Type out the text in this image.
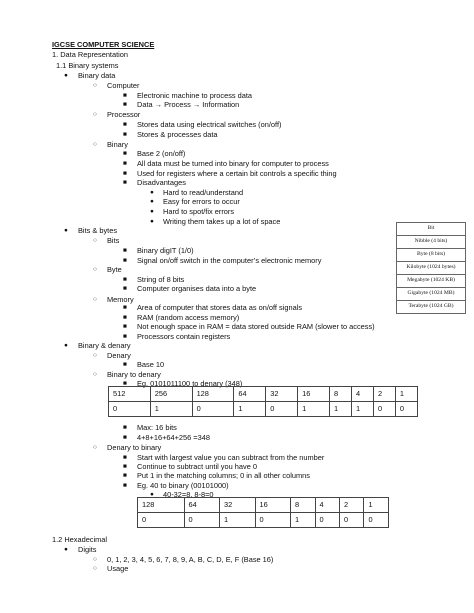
IGCSE COMPUTER SCIENCE
1. Data Representation
1.1 Binary systems
● Binary data
○ Computer
■ Electronic machine to process data
■ Data → Process → Information
○ Processor
■ Stores data using electrical switches (on/off)
■ Stores & processes data
○ Binary
■ Base 2 (on/off)
■ All data must be turned into binary for computer to process
■ Used for registers where a certain bit controls a specific thing
■ Disadvantages
● Hard to read/understand
● Easy for errors to occur
● Hard to spot/fix errors
● Writing them takes up a lot of space
● Bits & bytes
○ Bits
■ Binary digIT (1/0)
■ Signal on/off switch in the computer’s electronic memory
○ Byte
■ String of 8 bits
■ Computer organises data into a byte
○ Memory
■ Area of computer that stores data as on/off signals
■ RAM (random access memory)
■ Not enough space in RAM = data stored outside RAM (slower to access)
■ Processors contain registers
● Binary & denary
○ Denary
■ Base 10
○ Binary to denary
■ Eg. 0101011100 to denary (348)
■ Max: 16 bits
■ 4+8+16+64+256 =348
○ Denary to binary
■ Start with largest value you can subtract from the number
■ Continue to subtract until you have 0
■ Put 1 in the matching columns; 0 in all other columns
■ Eg. 40 to binary (00101000)
● 40-32=8, 8-8=0
1.2 Hexadecimal
● Digits
○ 0, 1, 2, 3, 4, 5, 6, 7, 8, 9, A, B, C, D, E, F (Base 16)
○ Usage
Bit
Nibble (4 bits)
Byte (8 bits)
Kilobyte (1024 bytes)
Megabyte (1024 KB)
Gigabyte (1024 MB)
Terabyte (1024 GB)
512	256	128	64	32	16	8	4	2	1
0	1	0	1	0	1	1	1	0	0
128	64	32	16	8	4	2	1
0	0	1	0	1	0	0	0
